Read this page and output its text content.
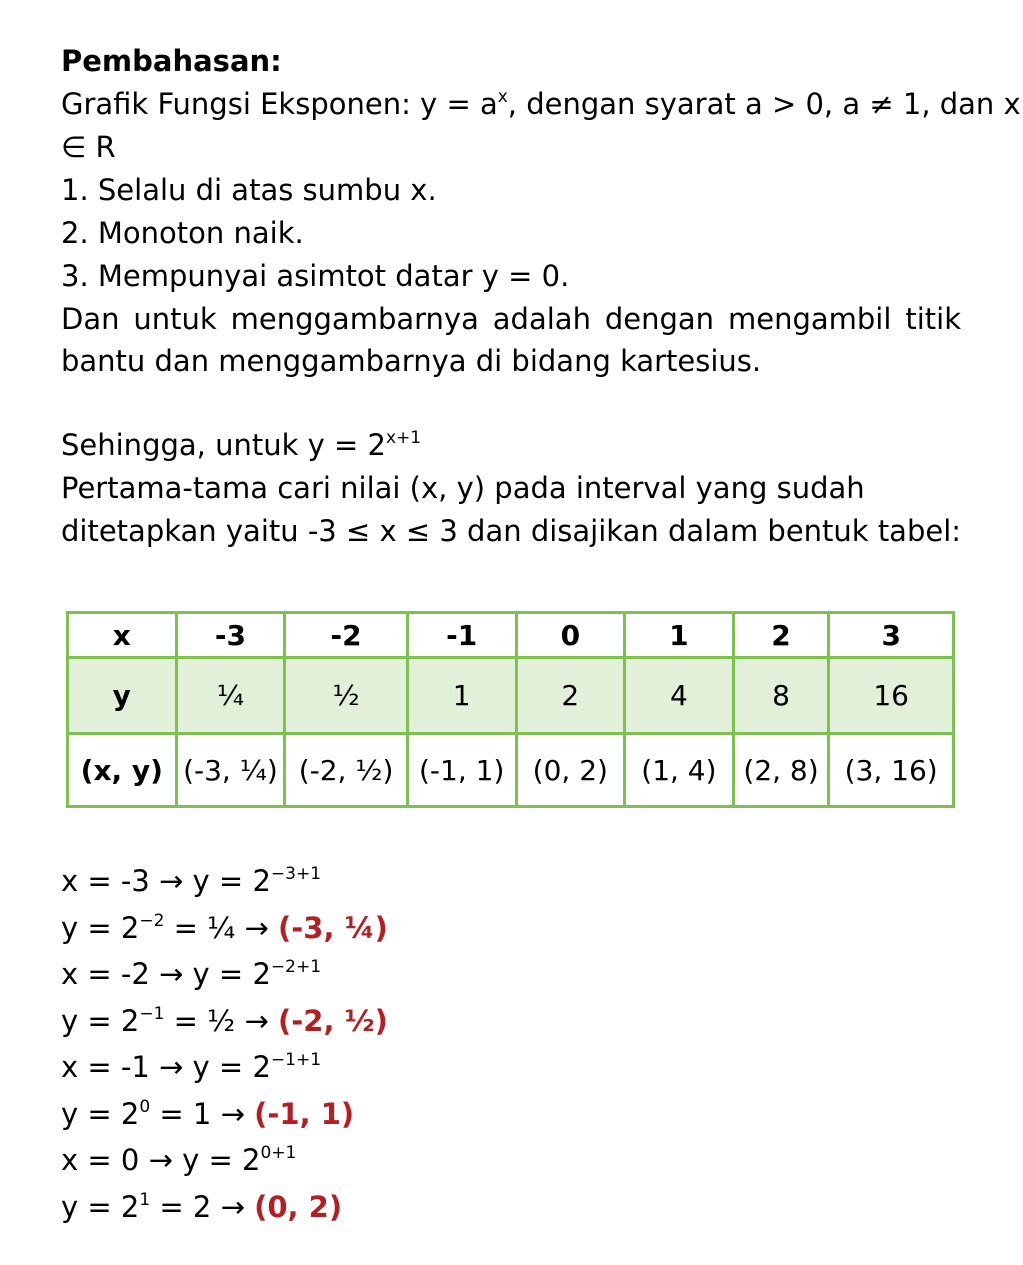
Pembahasan:
Grafik Fungsi Eksponen: $y = a^x$, dengan syarat a > 0, a ≠ 1, dan x
∈ R
1. Selalu di atas sumbu x.
2. Monoton naik.
3. Mempunyai asimtot datar y = 0.
Dan untuk menggambarnya adalah dengan mengambil titik bantu dan menggambarnya di bidang kartesius.
Sehingga, untuk $y = 2^{x+1}$
Pertama-tama cari nilai (x, y) pada interval yang sudah
ditetapkan yaitu -3 ≤ x ≤ 3 dan disajikan dalam bentuk tabel:
x	-3	-2	-1	0	1	2	3
y	¼	½	1	2	4	8	16
(x, y)	(-3, ¼)	(-2, ½)	(-1, 1)	(0, 2)	(1, 4)	(2, 8)	(3, 16)
$x = -3 \to y = 2^{-3+1}$
$y = 2^{-2}$ = ¼ → (-3, ¼)
$x = -2 \to y = 2^{-2+1}$
$y = 2^{-1}$ = ½ → (-2, ½)
$x = -1 \to y = 2^{-1+1}$
$y = 2^0 = 1 \to (-1$, 1)
$x = 0 \to y = 2^{0+1}$
$y = 2^1 = 2 \to (0$, 2)
